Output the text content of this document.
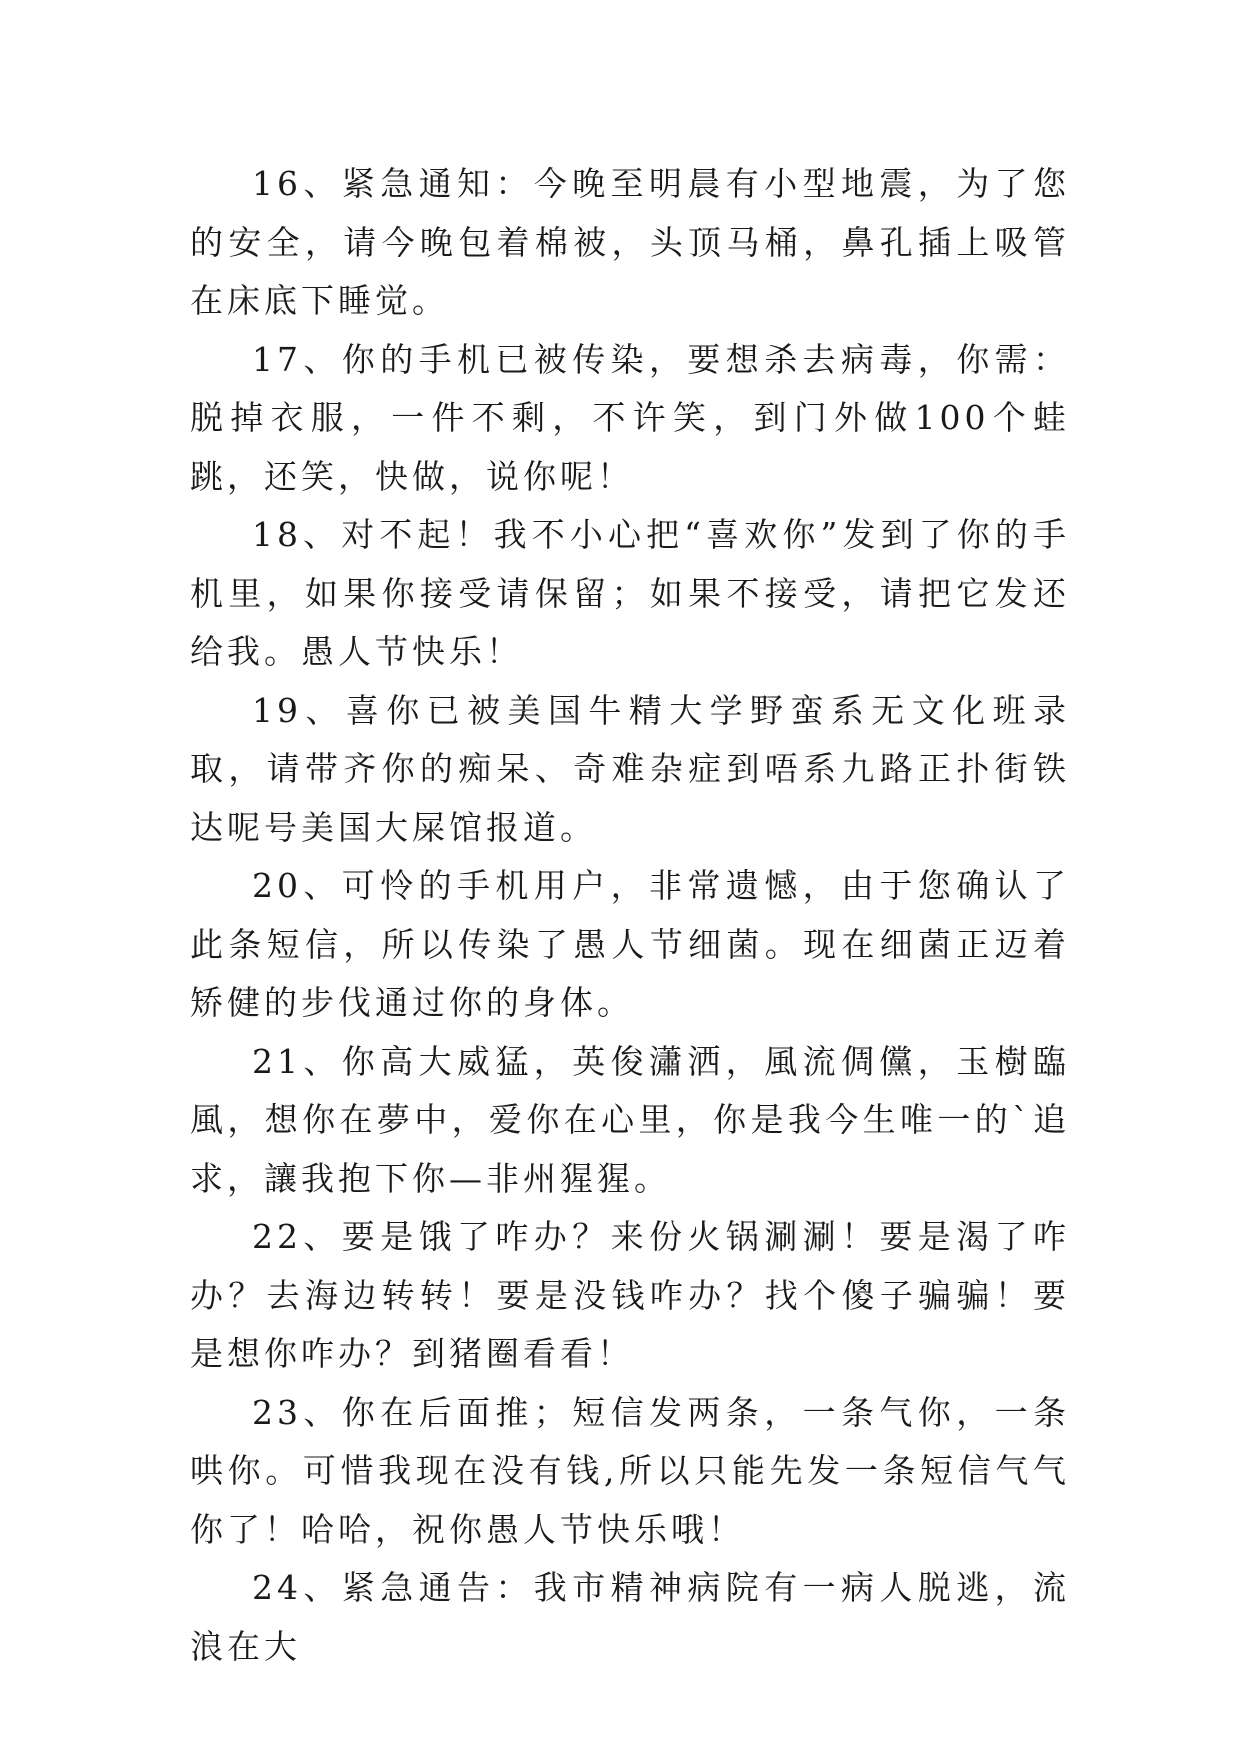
16、紧急通知：今晚至明晨有小型地震，为了您的安全，请今晚包着棉被，头顶马桶，鼻孔插上吸管在床底下睡觉。

17、你的手机已被传染，要想杀去病毒，你需：脱掉衣服，一件不剩，不许笑，到门外做100个蛙跳，还笑，快做，说你呢！

18、对不起！我不小心把“喜欢你”发到了你的手机里，如果你接受请保留；如果不接受，请把它发还给我。愚人节快乐！

19、喜你已被美国牛精大学野蛮系无文化班录取，请带齐你的痴呆、奇难杂症到唔系九路正扑街铁达呢号美国大屎馆报道。

20、可怜的手机用户，非常遗憾，由于您确认了此条短信，所以传染了愚人节细菌。现在细菌正迈着矫健的步伐通过你的身体。

21、你高大威猛，英俊瀟洒，風流倜儻，玉樹臨風，想你在夢中，爱你在心里，你是我今生唯一的`追求，讓我抱下你—非州猩猩。

22、要是饿了咋办？来份火锅涮涮！要是渴了咋办？去海边转转！要是没钱咋办？找个傻子骗骗！要是想你咋办？到猪圈看看！

23、你在后面推；短信发两条，一条气你，一条哄你。可惜我现在没有钱,所以只能先发一条短信气气你了！哈哈，祝你愚人节快乐哦！

24、紧急通告：我市精神病院有一病人脱逃，流浪在大
